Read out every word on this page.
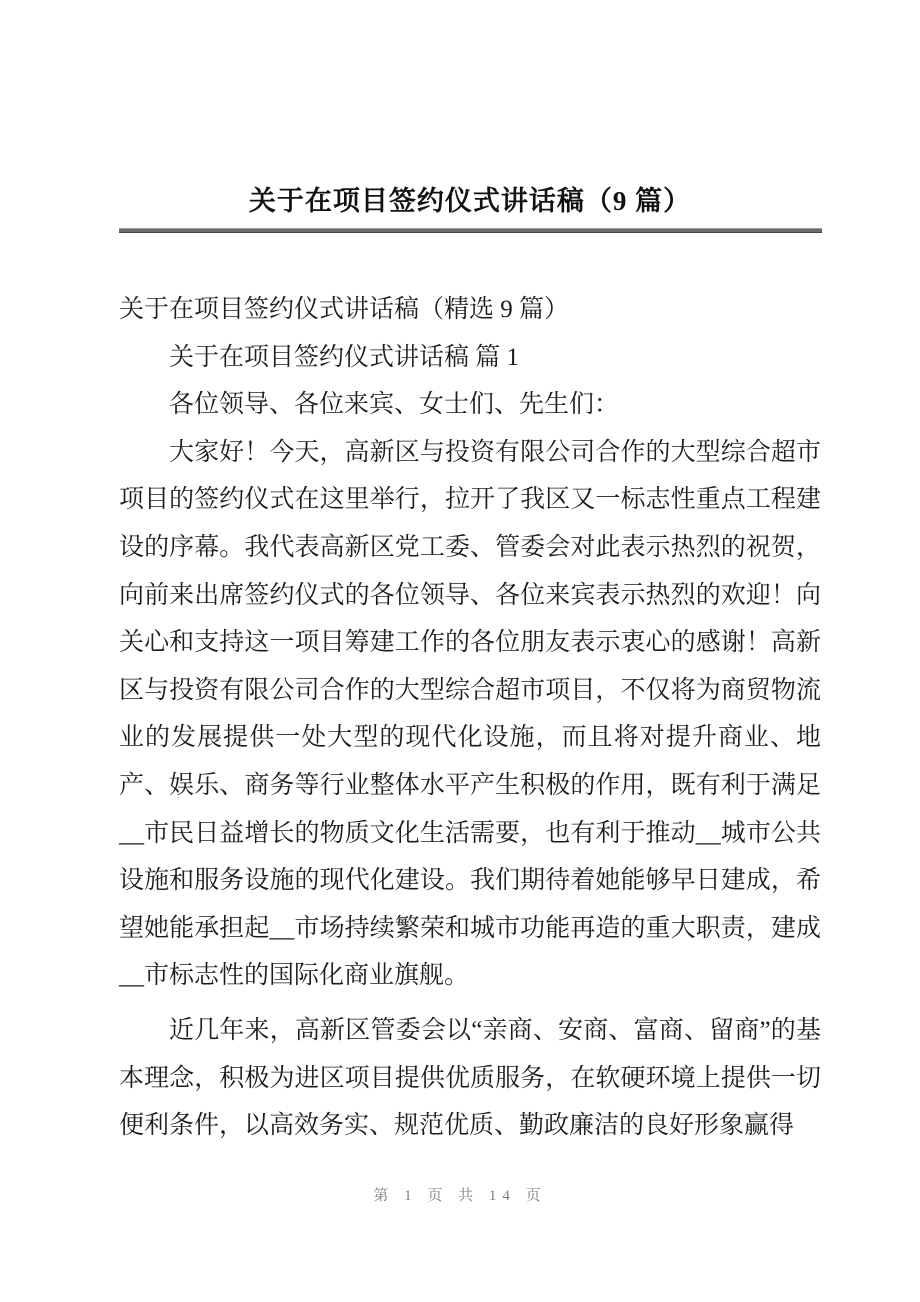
关于在项目签约仪式讲话稿（9 篇）

关于在项目签约仪式讲话稿（精选 9 篇）

关于在项目签约仪式讲话稿 篇 1

各位领导、各位来宾、女士们、先生们：

大家好！今天，高新区与投资有限公司合作的大型综合超市项目的签约仪式在这里举行，拉开了我区又一标志性重点工程建设的序幕。我代表高新区党工委、管委会对此表示热烈的祝贺，向前来出席签约仪式的各位领导、各位来宾表示热烈的欢迎！向关心和支持这一项目筹建工作的各位朋友表示衷心的感谢！高新区与投资有限公司合作的大型综合超市项目，不仅将为商贸物流业的发展提供一处大型的现代化设施，而且将对提升商业、地产、娱乐、商务等行业整体水平产生积极的作用，既有利于满足__市民日益增长的物质文化生活需要，也有利于推动__城市公共设施和服务设施的现代化建设。我们期待着她能够早日建成，希望她能承担起__市场持续繁荣和城市功能再造的重大职责，建成__市标志性的国际化商业旗舰。

近几年来，高新区管委会以“亲商、安商、富商、留商”的基本理念，积极为进区项目提供优质服务，在软硬环境上提供一切便利条件，以高效务实、规范优质、勤政廉洁的良好形象赢得

第 1 页 共 14 页
